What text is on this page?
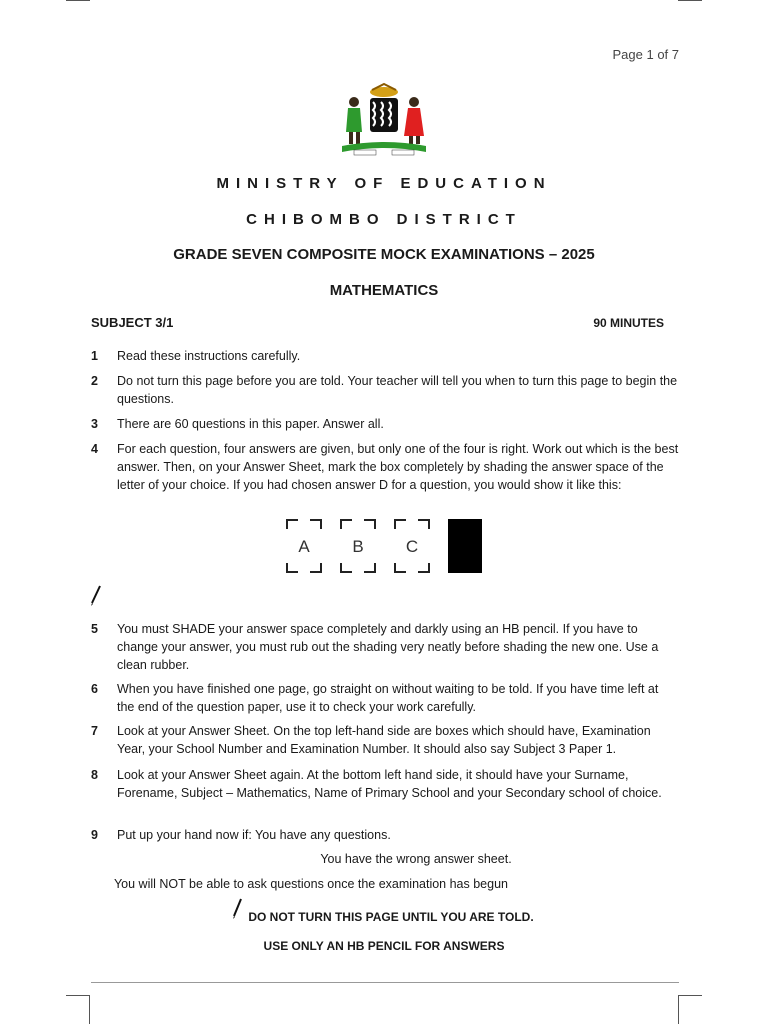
Page 1 of 7
MINISTRY OF EDUCATION
CHIBOMBO DISTRICT
GRADE SEVEN COMPOSITE MOCK EXAMINATIONS – 2025
MATHEMATICS
SUBJECT 3/1	90 MINUTES
1 Read these instructions carefully.
2 Do not turn this page before you are told. Your teacher will tell you when to turn this page to begin the questions.
3 There are 60 questions in this paper. Answer all.
4 For each question, four answers are given, but only one of the four is right. Work out which is the best answer. Then, on your Answer Sheet, mark the box completely by shading the answer space of the letter of your choice. If you had chosen answer D for a question, you would show it like this:
A	B	C
5 You must SHADE your answer space completely and darkly using an HB pencil. If you have to change your answer, you must rub out the shading very neatly before shading the new one. Use a clean rubber.
6 When you have finished one page, go straight on without waiting to be told. If you have time left at the end of the question paper, use it to check your work carefully.
7 Look at your Answer Sheet. On the top left-hand side are boxes which should have, Examination Year, your School Number and Examination Number. It should also say Subject 3 Paper 1.
8 Look at your Answer Sheet again. At the bottom left hand side, it should have your Surname, Forename, Subject – Mathematics, Name of Primary School and your Secondary school of choice.
9 Put up your hand now if: You have any questions.
You have the wrong answer sheet.
You will NOT be able to ask questions once the examination has begun
DO NOT TURN THIS PAGE UNTIL YOU ARE TOLD.
USE ONLY AN HB PENCIL FOR ANSWERS
